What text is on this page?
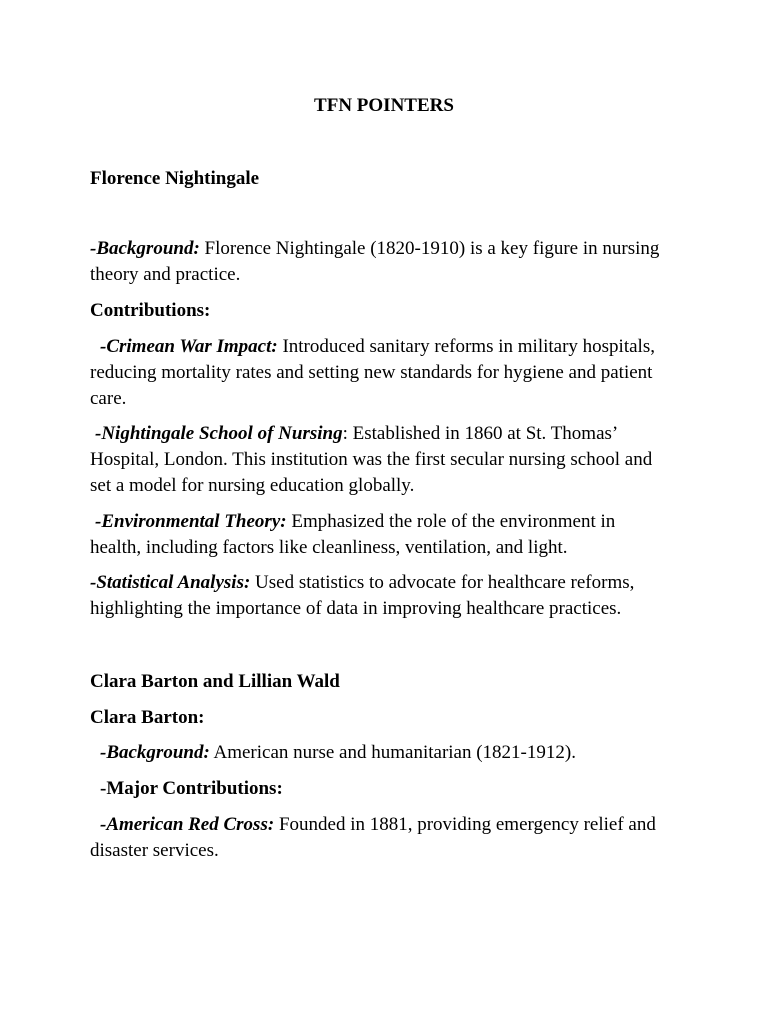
TFN POINTERS

Florence Nightingale

-Background: Florence Nightingale (1820-1910) is a key figure in nursing theory and practice.

Contributions:

-Crimean War Impact: Introduced sanitary reforms in military hospitals, reducing mortality rates and setting new standards for hygiene and patient care.

-Nightingale School of Nursing: Established in 1860 at St. Thomas’ Hospital, London. This institution was the first secular nursing school and set a model for nursing education globally.

-Environmental Theory: Emphasized the role of the environment in health, including factors like cleanliness, ventilation, and light.

-Statistical Analysis: Used statistics to advocate for healthcare reforms, highlighting the importance of data in improving healthcare practices.

Clara Barton and Lillian Wald

Clara Barton:

-Background: American nurse and humanitarian (1821-1912).

-Major Contributions:

-American Red Cross: Founded in 1881, providing emergency relief and disaster services.
